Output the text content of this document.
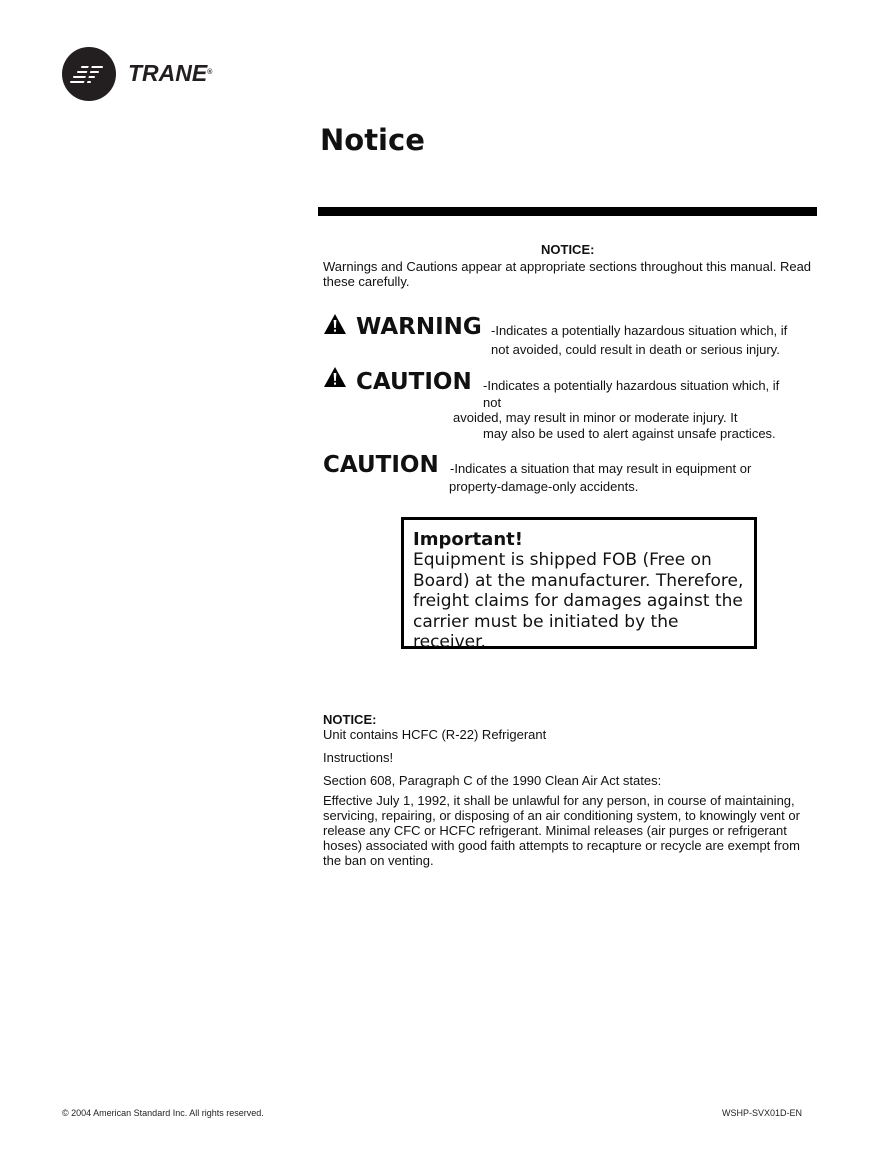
TRANE®
Notice
NOTICE:
Warnings and Cautions appear at appropriate sections throughout this manual. Read these carefully.
WARNING -Indicates a potentially hazardous situation which, if
not avoided, could result in death or serious injury.
CAUTION -Indicates a potentially hazardous situation which, if
not
avoided, may result in minor or moderate injury. It
may also be used to alert against unsafe practices.
CAUTION -Indicates a situation that may result in equipment or
property-damage-only accidents.
Important!
Equipment is shipped FOB (Free on Board) at the manufacturer. Therefore, freight claims for damages against the carrier must be initiated by the receiver.
NOTICE:
Unit contains HCFC (R-22) Refrigerant
Instructions!
Section 608, Paragraph C of the 1990 Clean Air Act states:
Effective July 1, 1992, it shall be unlawful for any person, in course of maintaining, servicing, repairing, or disposing of an air conditioning system, to knowingly vent or release any CFC or HCFC refrigerant. Minimal releases (air purges or refrigerant hoses) associated with good faith attempts to recapture or recycle are exempt from the ban on venting.
© 2004 American Standard Inc. All rights reserved.	WSHP-SVX01D-EN
